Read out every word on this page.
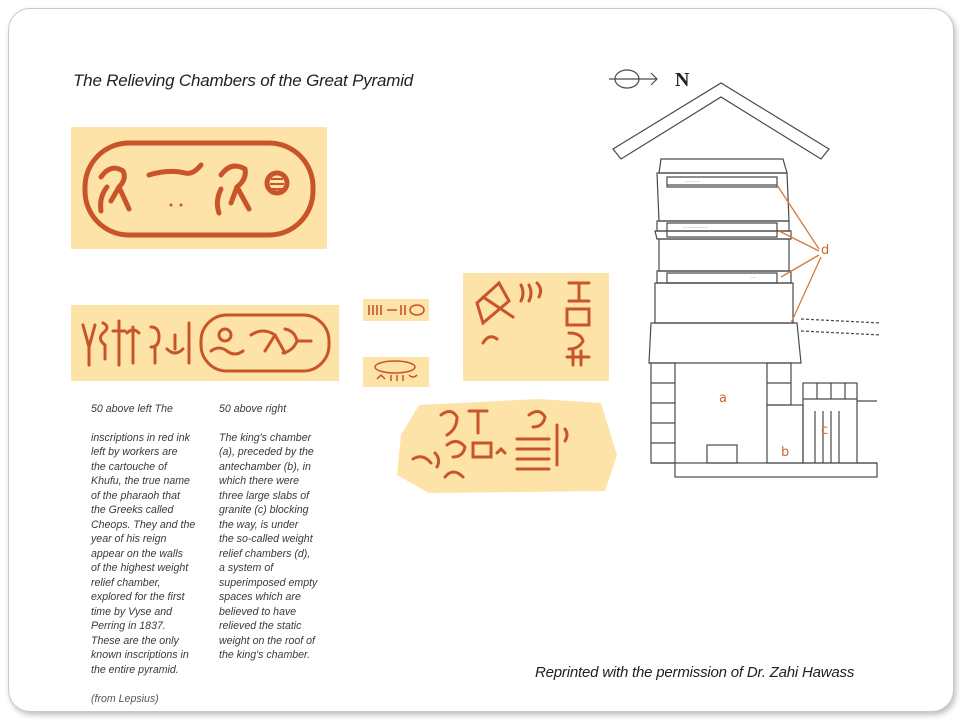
The Relieving Chambers of the Great Pyramid

50 above left The

inscriptions in red ink
left by workers are
the cartouche of
Khufu, the true name
of the pharaoh that
the Greeks called
Cheops. They and the
year of his reign
appear on the walls
of the highest weight
relief chamber,
explored for the first
time by Vyse and
Perring in 1837.
These are the only
known inscriptions in
the entire pyramid.

(from Lepsius)

50 above right

The king's chamber
(a), preceded by the
antechamber (b), in
which there were
three large slabs of
granite (c) blocking
the way, is under
the so-called weight
relief chambers (d),
a system of
superimposed empty
spaces which are
believed to have
relieved the static
weight on the roof of
the king's chamber.

⋯⋯⋯
⋯⋯⋯⋯⋯
⋯
N
d
a
b
c
Reprinted with the permission of Dr. Zahi Hawass
